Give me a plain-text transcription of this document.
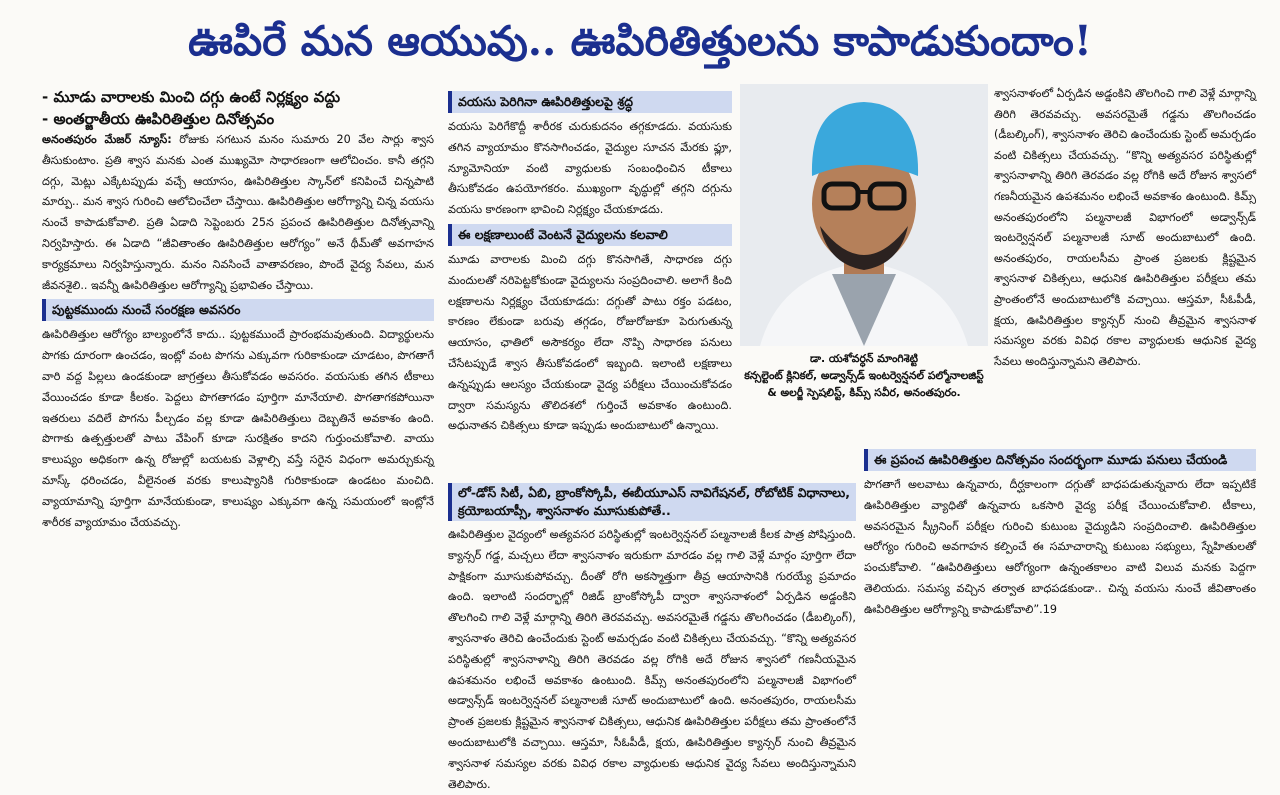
ఊపిరే మన ఆయువు.. ఊపిరితిత్తులను కాపాడుకుందాం!

- మూడు వారాలకు మించి దగ్గు ఉంటే నిర్లక్ష్యం వద్దు

- అంతర్జాతీయ ఊపిరితిత్తుల దినోత్సవం

అనంతపురం మేజర్ న్యూస్: రోజుకు సగటున మనం సుమారు 20 వేల సార్లు శ్వాస తీసుకుంటాం. ప్రతి శ్వాస మనకు ఎంత ముఖ్యమో సాధారణంగా ఆలోచించం. కానీ తగ్గని దగ్గు, మెట్లు ఎక్కేటప్పుడు వచ్చే ఆయాసం, ఊపిరితిత్తుల స్కాన్‌లో కనిపించే చిన్నపాటి మార్పు.. మన శ్వాస గురించి ఆలోచించేలా చేస్తాయి. ఊపిరితిత్తుల ఆరోగ్యాన్ని చిన్న వయసు నుంచే కాపాడుకోవాలి. ప్రతి ఏడాది సెప్టెంబరు 25న ప్రపంచ ఊపిరితిత్తుల దినోత్సవాన్ని నిర్వహిస్తారు. ఈ ఏడాది “జీవితాంతం ఊపిరితిత్తుల ఆరోగ్యం” అనే థీమ్‌తో అవగాహన కార్యక్రమాలు నిర్వహిస్తున్నారు. మనం నివసించే వాతావరణం, పొందే వైద్య సేవలు, మన జీవనశైలి.. ఇవన్నీ ఊపిరితిత్తుల ఆరోగ్యాన్ని ప్రభావితం చేస్తాయి.

పుట్టకముందు నుంచే సంరక్షణ అవసరం

ఊపిరితిత్తుల ఆరోగ్యం బాల్యంలోనే కాదు.. పుట్టకముందే ప్రారంభమవుతుంది. విద్యార్థులను పొగకు దూరంగా ఉంచడం, ఇంట్లో వంట పొగను ఎక్కువగా గురికాకుండా చూడటం, పొగతాగే వారి వద్ద పిల్లలు ఉండకుండా జాగ్రత్తలు తీసుకోవడం అవసరం. వయసుకు తగిన టీకాలు వేయించడం కూడా కీలకం. పెద్దలు పొగతాగడం పూర్తిగా మానేయాలి. పొగతాగకపోయినా ఇతరులు వదిలే పొగను పీల్చడం వల్ల కూడా ఊపిరితిత్తులు దెబ్బతినే అవకాశం ఉంది. పొగాకు ఉత్పత్తులతో పాటు వేపింగ్ కూడా సురక్షితం కాదని గుర్తుంచుకోవాలి. వాయు కాలుష్యం అధికంగా ఉన్న రోజుల్లో బయటకు వెళ్లాల్సి వస్తే సరైన విధంగా అమర్చుకున్న మాస్క్ ధరించడం, వీలైనంత వరకు కాలుష్యానికి గురికాకుండా ఉండటం మంచిది. వ్యాయామాన్ని పూర్తిగా మానేయకుండా, కాలుష్యం ఎక్కువగా ఉన్న సమయంలో ఇంట్లోనే శారీరక వ్యాయామం చేయవచ్చు.

వయసు పెరిగినా ఊపిరితిత్తులపై శ్రద్ధ

వయసు పెరిగేకొద్దీ శారీరక చురుకుదనం తగ్గకూడదు. వయసుకు తగిన వ్యాయామం కొనసాగించడం, వైద్యుల సూచన మేరకు ఫ్లూ, న్యూమోనియా వంటి వ్యాధులకు సంబంధించిన టీకాలు తీసుకోవడం ఉపయోగకరం. ముఖ్యంగా వృద్ధుల్లో తగ్గని దగ్గును వయసు కారణంగా భావించి నిర్లక్ష్యం చేయకూడదు.

ఈ లక్షణాలుంటే వెంటనే వైద్యులను కలవాలి

మూడు వారాలకు మించి దగ్గు కొనసాగితే, సాధారణ దగ్గు మందులతో నరిపెట్టకోకుండా వైద్యులను సంప్రదించాలి. అలాగే కింది లక్షణాలను నిర్లక్ష్యం చేయకూడదు: దగ్గుతో పాటు రక్తం పడటం, కారణం లేకుండా బరువు తగ్గడం, రోజురోజుకూ పెరుగుతున్న ఆయాసం, ఛాతిలో అసౌకర్యం లేదా నొప్పి సాధారణ పనులు చేసేటప్పుడే శ్వాస తీసుకోవడంలో ఇబ్బంది. ఇలాంటి లక్షణాలు ఉన్నప్పుడు ఆలస్యం చేయకుండా వైద్య పరీక్షలు చేయించుకోవడం ద్వారా సమస్యను తొలిదశలో గుర్తించే అవకాశం ఉంటుంది. అధునాతన చికిత్సలు కూడా ఇప్పుడు అందుబాటులో ఉన్నాయి.

లో-డోస్ సిటీ, ఏబి, బ్రాంకోస్కోపీ, ఈబీయూఎస్ నావిగేషనల్, రోబోటిక్ విధానాలు, క్రయోబయాప్సీ, శ్వాసనాళం మూసుకుపోతే..

ఊపిరితిత్తుల వైద్యంలో అత్యవసర పరిస్థితుల్లో ఇంటర్వెన్షనల్ పల్మనాలజీ కీలక పాత్ర పోషిస్తుంది. క్యాన్సర్ గడ్డ, మచ్చలు లేదా శ్వాసనాళం ఇరుకుగా మారడం వల్ల గాలి వెళ్లే మార్గం పూర్తిగా లేదా పాక్షికంగా మూసుకుపోవచ్చు. దీంతో రోగి అకస్మాత్తుగా తీవ్ర ఆయాసానికి గురయ్యే ప్రమాదం ఉంది. ఇలాంటి సందర్భాల్లో రిజిడ్ బ్రాంకోస్కోపీ ద్వారా శ్వాసనాళంలో ఏర్పడిన అడ్డంకిని తొలగించి గాలి వెళ్లే మార్గాన్ని తిరిగి తెరవవచ్చు. అవసరమైతే గడ్డను తొలగించడం (డీబల్కింగ్), శ్వాసనాళం తెరిచి ఉంచేందుకు స్టెంట్ అమర్చడం వంటి చికిత్సలు చేయవచ్చు. “కొన్ని అత్యవసర పరిస్థితుల్లో శ్వాసనాళాన్ని తిరిగి తెరవడం వల్ల రోగికి అదే రోజున శ్వాసలో గణనీయమైన ఉపశమనం లభించే అవకాశం ఉంటుంది. కిమ్స్ అనంతపురంలోని పల్మనాలజీ విభాగంలో అడ్వాన్స్‌డ్ ఇంటర్వెన్షనల్ పల్మనాలజీ సూట్ అందుబాటులో ఉంది. అనంతపురం, రాయలసీమ ప్రాంత ప్రజలకు క్లిష్టమైన శ్వాసనాళ చికిత్సలు, ఆధునిక ఊపిరితిత్తుల పరీక్షలు తమ ప్రాంతంలోనే అందుబాటులోకి వచ్చాయి. ఆస్తమా, సీఓపీడీ, క్షయ, ఊపిరితిత్తుల క్యాన్సర్ నుంచి తీవ్రమైన శ్వాసనాళ సమస్యల వరకు వివిధ రకాల వ్యాధులకు ఆధునిక వైద్య సేవలు అందిస్తున్నామని తెలిపారు.

డా. యశోవర్ధన్ మాంగిశెట్టి
కన్సల్టెంట్ క్లినికల్, అడ్వాన్స్‌డ్ ఇంటర్వెన్షనల్ పల్మోనాలజిస్ట్ & అలర్జీ స్పెషలిస్ట్, కిమ్స్ సవీర, అనంతపురం.

శ్వాసనాళంలో ఏర్పడిన అడ్డంకిని తొలగించి గాలి వెళ్లే మార్గాన్ని తిరిగి తెరవవచ్చు. అవసరమైతే గడ్డను తొలగించడం (డీబల్కింగ్), శ్వాసనాళం తెరిచి ఉంచేందుకు స్టెంట్ అమర్చడం వంటి చికిత్సలు చేయవచ్చు. “కొన్ని అత్యవసర పరిస్థితుల్లో శ్వాసనాళాన్ని తిరిగి తెరవడం వల్ల రోగికి అదే రోజున శ్వాసలో గణనీయమైన ఉపశమనం లభించే అవకాశం ఉంటుంది. కిమ్స్ అనంతపురంలోని పల్మనాలజీ విభాగంలో అడ్వాన్స్‌డ్ ఇంటర్వెన్షనల్ పల్మనాలజీ సూట్ అందుబాటులో ఉంది. అనంతపురం, రాయలసీమ ప్రాంత ప్రజలకు క్లిష్టమైన శ్వాసనాళ చికిత్సలు, ఆధునిక ఊపిరితిత్తుల పరీక్షలు తమ ప్రాంతంలోనే అందుబాటులోకి వచ్చాయి. ఆస్తమా, సీఓపీడీ, క్షయ, ఊపిరితిత్తుల క్యాన్సర్ నుంచి తీవ్రమైన శ్వాసనాళ సమస్యల వరకు వివిధ రకాల వ్యాధులకు ఆధునిక వైద్య సేవలు అందిస్తున్నామని తెలిపారు.

ఈ ప్రపంచ ఊపిరితిత్తుల దినోత్సవం సందర్భంగా మూడు పనులు చేయండి

పొగతాగే అలవాటు ఉన్నవారు, దీర్ఘకాలంగా దగ్గుతో బాధపడుతున్నవారు లేదా ఇప్పటికే ఊపిరితిత్తుల వ్యాధితో ఉన్నవారు ఒకసారి వైద్య పరీక్ష చేయించుకోవాలి. టీకాలు, అవసరమైన స్క్రీనింగ్ పరీక్షల గురించి కుటుంబ వైద్యుడిని సంప్రదించాలి. ఊపిరితిత్తుల ఆరోగ్యం గురించి అవగాహన కల్పించే ఈ సమాచారాన్ని కుటుంబ సభ్యులు, స్నేహితులతో పంచుకోవాలి. “ఊపిరితిత్తులు ఆరోగ్యంగా ఉన్నంతకాలం వాటి విలువ మనకు పెద్దగా తెలియదు. సమస్య వచ్చిన తర్వాత బాధపడకుండా.. చిన్న వయసు నుంచే జీవితాంతం ఊపిరితిత్తుల ఆరోగ్యాన్ని కాపాడుకోవాలి”.19
